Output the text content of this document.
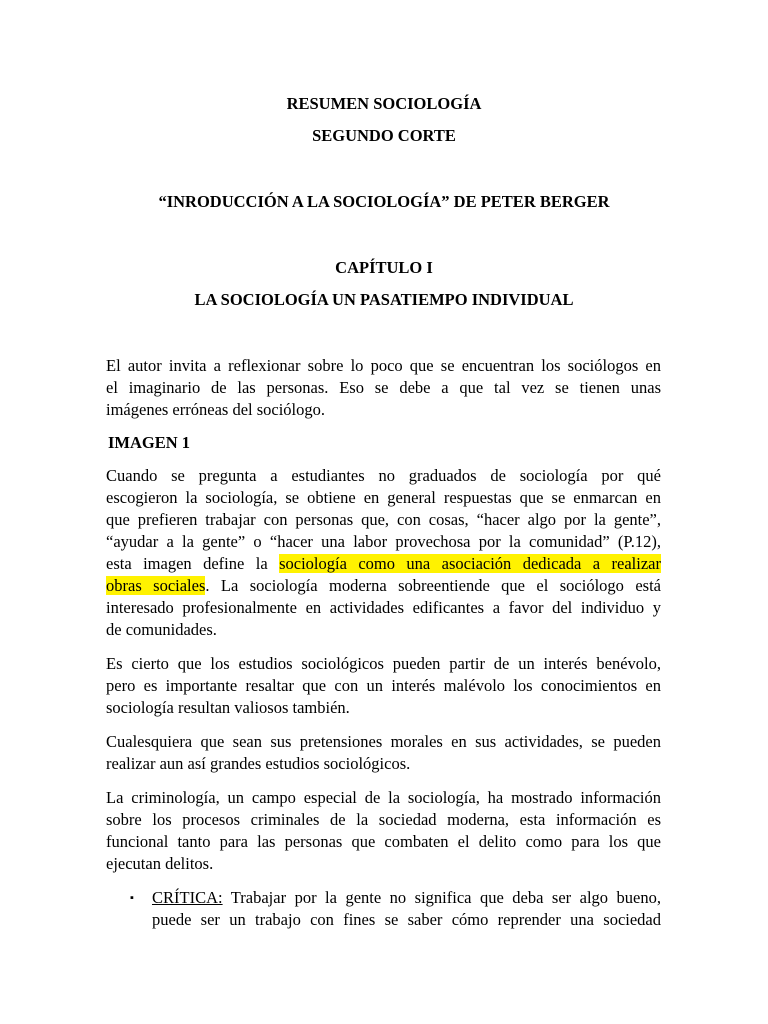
RESUMEN SOCIOLOGÍA
SEGUNDO CORTE
“INRODUCCIÓN A LA SOCIOLOGÍA” DE PETER BERGER
CAPÍTULO I
LA SOCIOLOGÍA UN PASATIEMPO INDIVIDUAL
El autor invita a reflexionar sobre lo poco que se encuentran los sociólogos en
el imaginario de las personas. Eso se debe a que tal vez se tienen unas
imágenes erróneas del sociólogo.
IMAGEN 1
Cuando se pregunta a estudiantes no graduados de sociología por qué
escogieron la sociología, se obtiene en general respuestas que se enmarcan en
que prefieren trabajar con personas que, con cosas, “hacer algo por la gente”,
“ayudar a la gente” o “hacer una labor provechosa por la comunidad” (P.12),
esta imagen define la sociología como una asociación dedicada a realizar
obras sociales. La sociología moderna sobreentiende que el sociólogo está
interesado profesionalmente en actividades edificantes a favor del individuo y
de comunidades.
Es cierto que los estudios sociológicos pueden partir de un interés benévolo,
pero es importante resaltar que con un interés malévolo los conocimientos en
sociología resultan valiosos también.
Cualesquiera que sean sus pretensiones morales en sus actividades, se pueden
realizar aun así grandes estudios sociológicos.
La criminología, un campo especial de la sociología, ha mostrado información
sobre los procesos criminales de la sociedad moderna, esta información es
funcional tanto para las personas que combaten el delito como para los que
ejecutan delitos.
▪ CRÍTICA: Trabajar por la gente no significa que deba ser algo bueno,
puede ser un trabajo con fines se saber cómo reprender una sociedad
